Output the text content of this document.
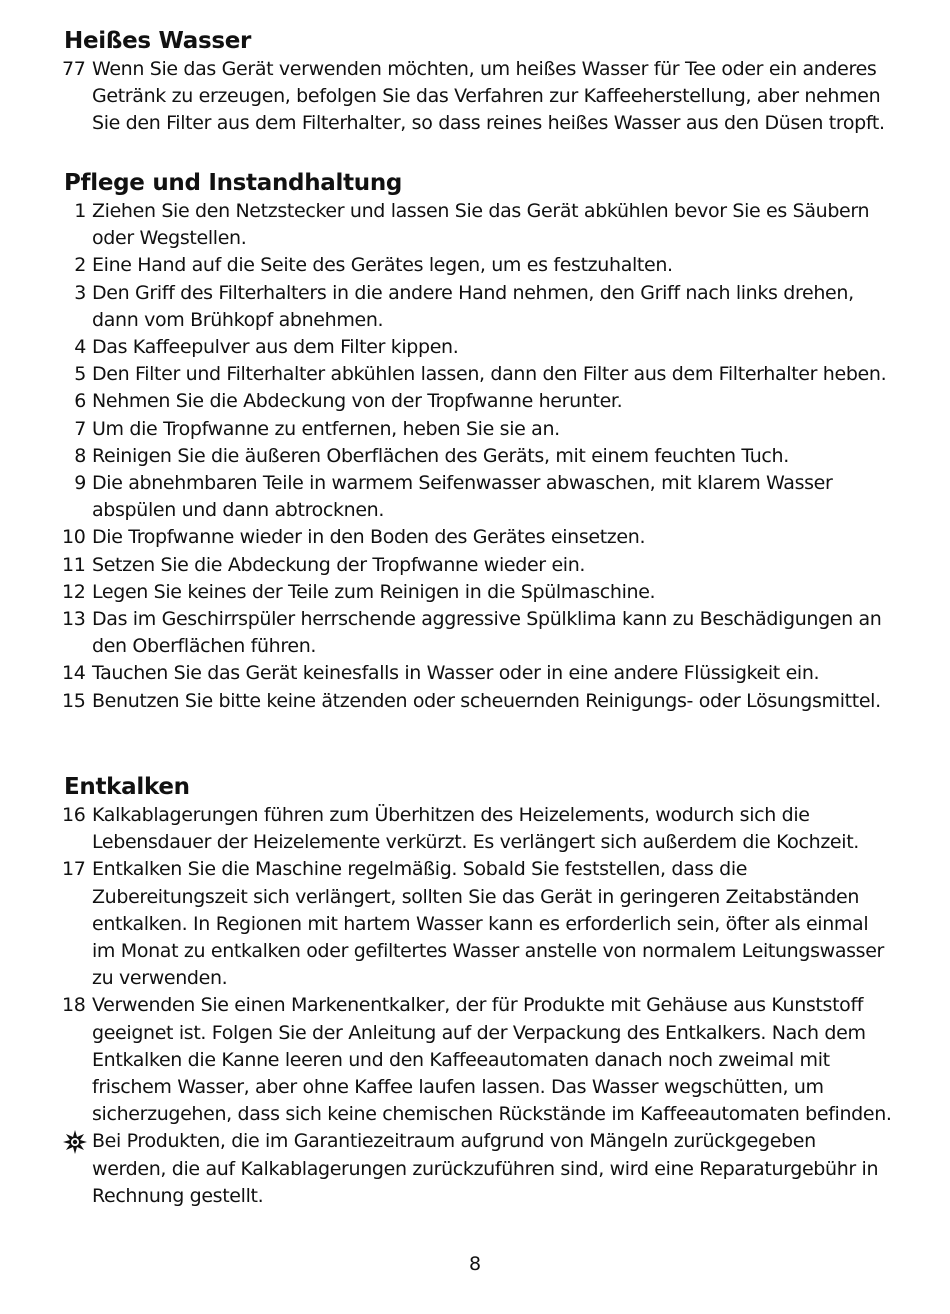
Heißes Wasser
77 Wenn Sie das Gerät verwenden möchten, um heißes Wasser für Tee oder ein anderes Getränk zu erzeugen, befolgen Sie das Verfahren zur Kaffeeherstellung, aber nehmen Sie den Filter aus dem Filterhalter, so dass reines heißes Wasser aus den Düsen tropft.
Pflege und Instandhaltung
1 Ziehen Sie den Netzstecker und lassen Sie das Gerät abkühlen bevor Sie es Säubern oder Wegstellen.
2 Eine Hand auf die Seite des Gerätes legen, um es festzuhalten.
3 Den Griff des Filterhalters in die andere Hand nehmen, den Griff nach links drehen, dann vom Brühkopf abnehmen.
4 Das Kaffeepulver aus dem Filter kippen.
5 Den Filter und Filterhalter abkühlen lassen, dann den Filter aus dem Filterhalter heben.
6 Nehmen Sie die Abdeckung von der Tropfwanne herunter.
7 Um die Tropfwanne zu entfernen, heben Sie sie an.
8 Reinigen Sie die äußeren Oberflächen des Geräts, mit einem feuchten Tuch.
9 Die abnehmbaren Teile in warmem Seifenwasser abwaschen, mit klarem Wasser abspülen und dann abtrocknen.
10 Die Tropfwanne wieder in den Boden des Gerätes einsetzen.
11 Setzen Sie die Abdeckung der Tropfwanne wieder ein.
12 Legen Sie keines der Teile zum Reinigen in die Spülmaschine.
13 Das im Geschirrspüler herrschende aggressive Spülklima kann zu Beschädigungen an den Oberflächen führen.
14 Tauchen Sie das Gerät keinesfalls in Wasser oder in eine andere Flüssigkeit ein.
15 Benutzen Sie bitte keine ätzenden oder scheuernden Reinigungs- oder Lösungsmittel.
Entkalken
16 Kalkablagerungen führen zum Überhitzen des Heizelements, wodurch sich die Lebensdauer der Heizelemente verkürzt. Es verlängert sich außerdem die Kochzeit.
17 Entkalken Sie die Maschine regelmäßig. Sobald Sie feststellen, dass die Zubereitungszeit sich verlängert, sollten Sie das Gerät in geringeren Zeitabständen entkalken. In Regionen mit hartem Wasser kann es erforderlich sein, öfter als einmal im Monat zu entkalken oder gefiltertes Wasser anstelle von normalem Leitungswasser zu verwenden.
18 Verwenden Sie einen Markenentkalker, der für Produkte mit Gehäuse aus Kunststoff geeignet ist. Folgen Sie der Anleitung auf der Verpackung des Entkalkers. Nach dem Entkalken die Kanne leeren und den Kaffeeautomaten danach noch zweimal mit frischem Wasser, aber ohne Kaffee laufen lassen. Das Wasser wegschütten, um sicherzugehen, dass sich keine chemischen Rückstände im Kaffeeautomaten befinden.
Bei Produkten, die im Garantiezeitraum aufgrund von Mängeln zurückgegeben werden, die auf Kalkablagerungen zurückzuführen sind, wird eine Reparaturgebühr in Rechnung gestellt.
8
